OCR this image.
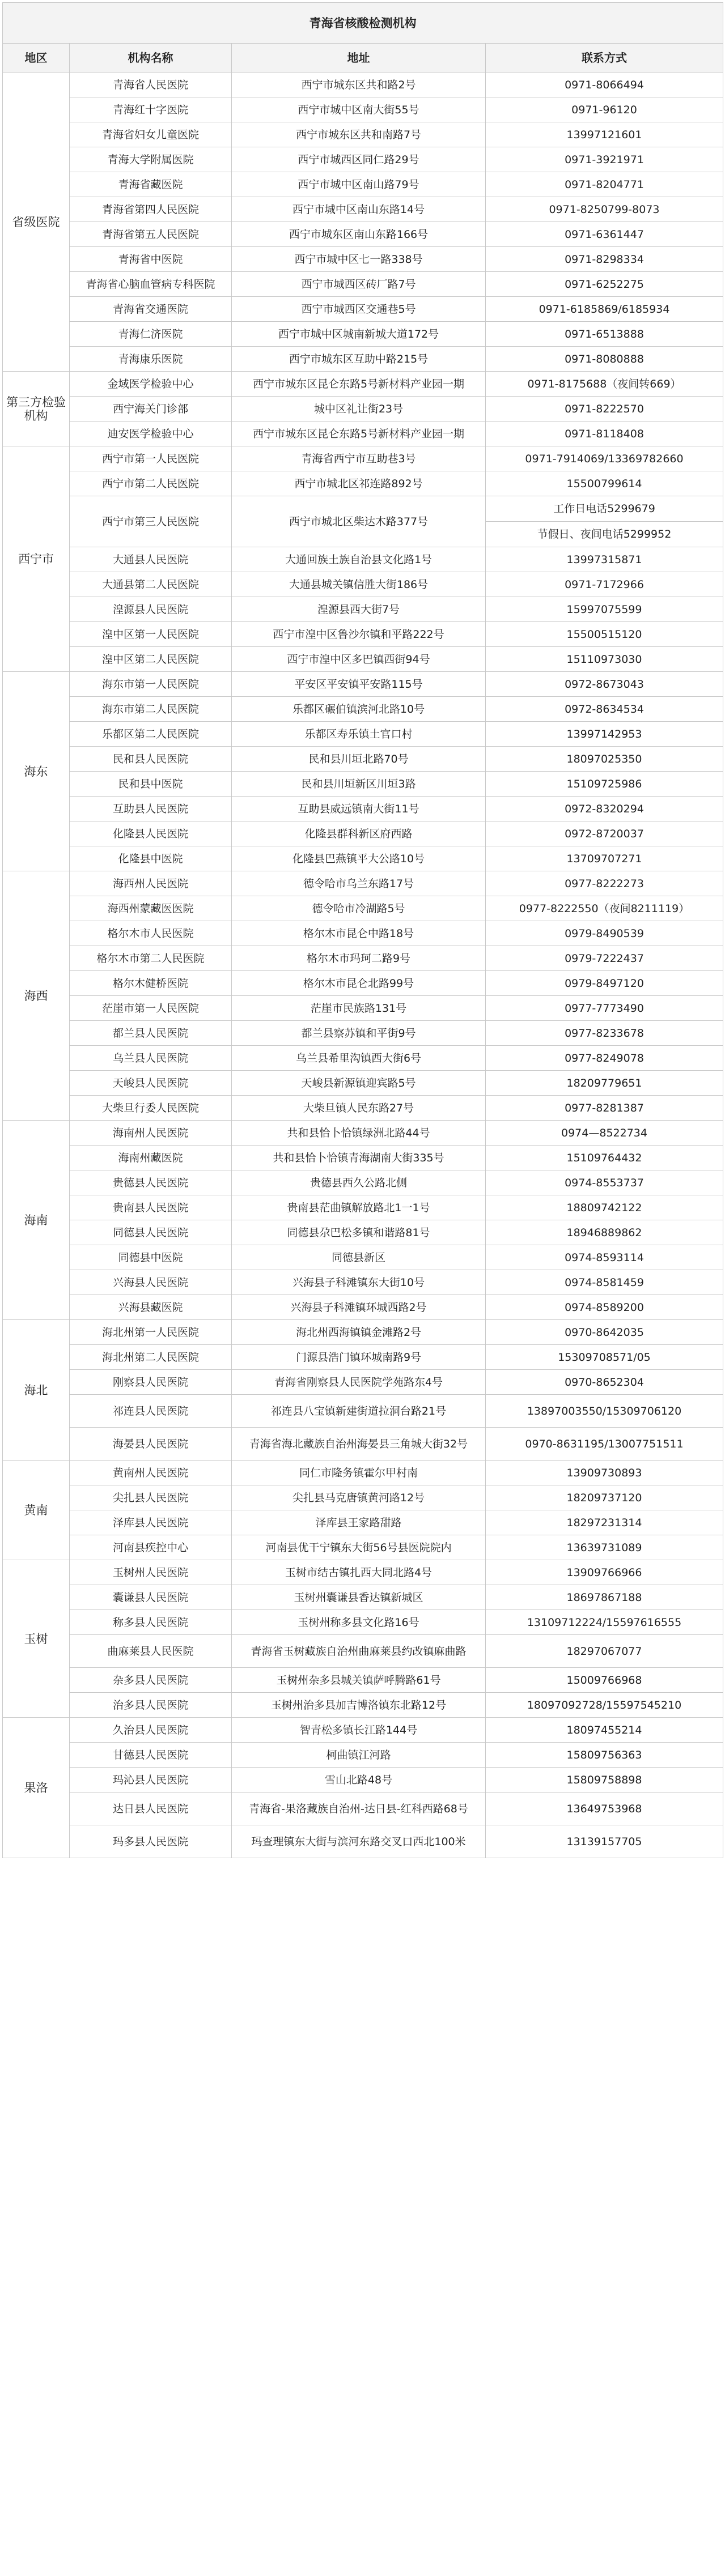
青海省核酸检测机构			
地区	机构名称	地址	联系方式
省级医院	青海省人民医院	西宁市城东区共和路2号	0971-8066494
	青海红十字医院	西宁市城中区南大街55号	0971-96120
	青海省妇女儿童医院	西宁市城东区共和南路7号	13997121601
	青海大学附属医院	西宁市城西区同仁路29号	0971-3921971
	青海省藏医院	西宁市城中区南山路79号	0971-8204771
	青海省第四人民医院	西宁市城中区南山东路14号	0971-8250799-8073
	青海省第五人民医院	西宁市城东区南山东路166号	0971-6361447
	青海省中医院	西宁市城中区七一路338号	0971-8298334
	青海省心脑血管病专科医院	西宁市城西区砖厂路7号	0971-6252275
	青海省交通医院	西宁市城西区交通巷5号	0971-6185869/6185934
	青海仁济医院	西宁市城中区城南新城大道172号	0971-6513888
	青海康乐医院	西宁市城东区互助中路215号	0971-8080888
第三方检验机构	金域医学检验中心	西宁市城东区昆仑东路5号新材料产业园一期	0971-8175688（夜间转669）
	西宁海关门诊部	城中区礼让街23号	0971-8222570
	迪安医学检验中心	西宁市城东区昆仑东路5号新材料产业园一期	0971-8118408
西宁市	西宁市第一人民医院	青海省西宁市互助巷3号	0971-7914069/13369782660
	西宁市第二人民医院	西宁市城北区祁连路892号	15500799614
	西宁市第三人民医院	西宁市城北区柴达木路377号	工作日电话5299679
节假日、夜间电话5299952

	大通县人民医院	大通回族土族自治县文化路1号	13997315871
	大通县第二人民医院	大通县城关镇信胜大街186号	0971-7172966
	湟源县人民医院	湟源县西大街7号	15997075599
	湟中区第一人民医院	西宁市湟中区鲁沙尔镇和平路222号	15500515120
	湟中区第二人民医院	西宁市湟中区多巴镇西街94号	15110973030
海东	海东市第一人民医院	平安区平安镇平安路115号	0972-8673043
	海东市第二人民医院	乐都区碾伯镇滨河北路10号	0972-8634534
	乐都区第二人民医院	乐都区寿乐镇土官口村	13997142953
	民和县人民医院	民和县川垣北路70号	18097025350
	民和县中医院	民和县川垣新区川垣3路	15109725986
	互助县人民医院	互助县威远镇南大街11号	0972-8320294
	化隆县人民医院	化隆县群科新区府西路	0972-8720037
	化隆县中医院	化隆县巴燕镇平大公路10号	13709707271
海西	海西州人民医院	德令哈市乌兰东路17号	0977-8222273
	海西州蒙藏医医院	德令哈市冷湖路5号	0977-8222550（夜间8211119）
	格尔木市人民医院	格尔木市昆仑中路18号	0979-8490539
	格尔木市第二人民医院	格尔木市玛珂二路9号	0979-7222437
	格尔木健桥医院	格尔木市昆仑北路99号	0979-8497120
	茫崖市第一人民医院	茫崖市民族路131号	0977-7773490
	都兰县人民医院	都兰县察苏镇和平街9号	0977-8233678
	乌兰县人民医院	乌兰县希里沟镇西大街6号	0977-8249078
	天峻县人民医院	天峻县新源镇迎宾路5号	18209779651
	大柴旦行委人民医院	大柴旦镇人民东路27号	0977-8281387
海南	海南州人民医院	共和县恰卜恰镇绿洲北路44号	0974—8522734
	海南州藏医院	共和县恰卜恰镇青海湖南大街335号	15109764432
	贵德县人民医院	贵德县西久公路北侧	0974-8553737
	贵南县人民医院	贵南县茫曲镇解放路北1一1号	18809742122
	同德县人民医院	同德县尕巴松多镇和谐路81号	18946889862
	同德县中医院	同德县新区	0974-8593114
	兴海县人民医院	兴海县子科滩镇东大街10号	0974-8581459
	兴海县藏医院	兴海县子科滩镇环城西路2号	0974-8589200
海北	海北州第一人民医院	海北州西海镇镇金滩路2号	0970-8642035
	海北州第二人民医院	门源县浩门镇环城南路9号	15309708571/05
	刚察县人民医院	青海省刚察县人民医院学苑路东4号	0970-8652304
	祁连县人民医院	祁连县八宝镇新建街道拉洞台路21号	13897003550/15309706120
	海晏县人民医院	青海省海北藏族自治州海晏县三角城大街32号	0970-8631195/13007751511
黄南	黄南州人民医院	同仁市隆务镇霍尔甲村南	13909730893
	尖扎县人民医院	尖扎县马克唐镇黄河路12号	18209737120
	泽库县人民医院	泽库县王家路甜路	18297231314
	河南县疾控中心	河南县优干宁镇东大街56号县医院院内	13639731089
玉树	玉树州人民医院	玉树市结古镇扎西大同北路4号	13909766966
	囊谦县人民医院	玉树州囊谦县香达镇新城区	18697867188
	称多县人民医院	玉树州称多县文化路16号	13109712224/15597616555
	曲麻莱县人民医院	青海省玉树藏族自治州曲麻莱县约改镇麻曲路	18297067077
	杂多县人民医院	玉树州杂多县城关镇萨呼腾路61号	15009766968
	治多县人民医院	玉树州治多县加吉博洛镇东北路12号	18097092728/15597545210
果洛	久治县人民医院	智青松多镇长江路144号	18097455214
	甘德县人民医院	柯曲镇江河路	15809756363
	玛沁县人民医院	雪山北路48号	15809758898
	达日县人民医院	青海省-果洛藏族自治州-达日县-红科西路68号	13649753968
	玛多县人民医院	玛查理镇东大街与滨河东路交叉口西北100米	13139157705
